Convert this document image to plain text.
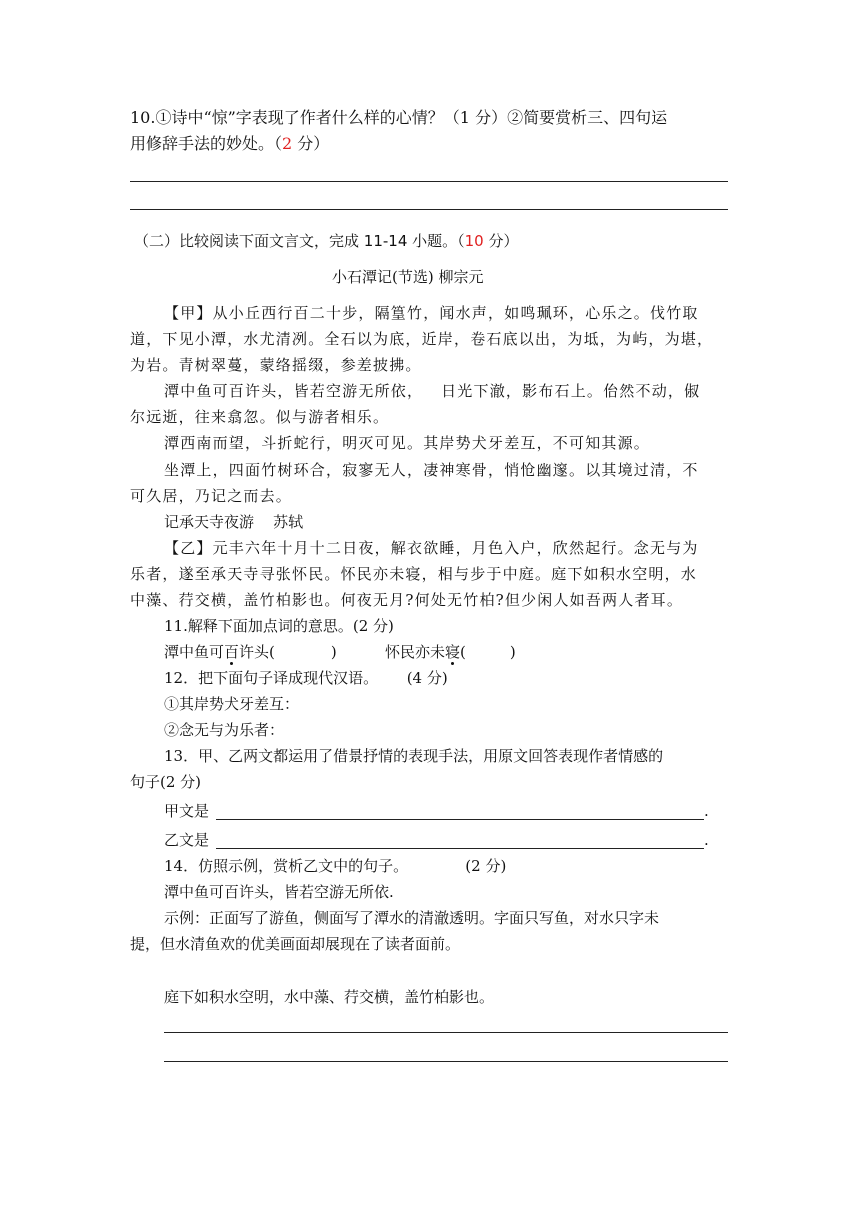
10.①诗中“惊”字表现了作者什么样的心情？（1 分）②简要赏析三、四句运
用修辞手法的妙处。（2 分）
（二）比较阅读下面文言文，完成 11-14 小题。（10 分）
小石潭记(节选) 柳宗元
【甲】从小丘西行百二十步，隔篁竹，闻水声，如鸣珮环，心乐之。伐竹取
道，下见小潭，水尤清冽。全石以为底，近岸，卷石底以出，为坻，为屿，为堪，
为岩。青树翠蔓，蒙络摇缀，参差披拂。
潭中鱼可百许头，皆若空游无所依，   日光下澈，影布石上。佁然不动，俶
尔远逝，往来翕忽。似与游者相乐。
潭西南而望，斗折蛇行，明灭可见。其岸势犬牙差互，不可知其源。
坐潭上，四面竹树环合，寂寥无人，凄神寒骨，悄怆幽邃。以其境过清，不
可久居，乃记之而去。
记承天寺夜游    苏轼
【乙】元丰六年十月十二日夜，解衣欲睡，月色入户，欣然起行。念无与为
乐者，遂至承天寺寻张怀民。怀民亦未寝，相与步于中庭。庭下如积水空明，水
中藻、荇交横，盖竹柏影也。何夜无月?何处无竹柏?但少闲人如吾两人者耳。
11.解释下面加点词的意思。(2 分)
潭中鱼可百许头(	)	怀民亦未寝(	)
12．把下面句子译成现代汉语。      (4 分)
①其岸势犬牙差互：
②念无与为乐者：
13．甲、乙两文都运用了借景抒情的表现手法，用原文回答表现作者情感的
句子(2 分)
甲文是	.
乙文是	.
14．仿照示例，赏析乙文中的句子。            (2 分)
潭中鱼可百许头，皆若空游无所依.
示例：正面写了游鱼，侧面写了潭水的清澈透明。字面只写鱼，对水只字未
提，但水清鱼欢的优美画面却展现在了读者面前。
庭下如积水空明，水中藻、荇交横，盖竹柏影也。
